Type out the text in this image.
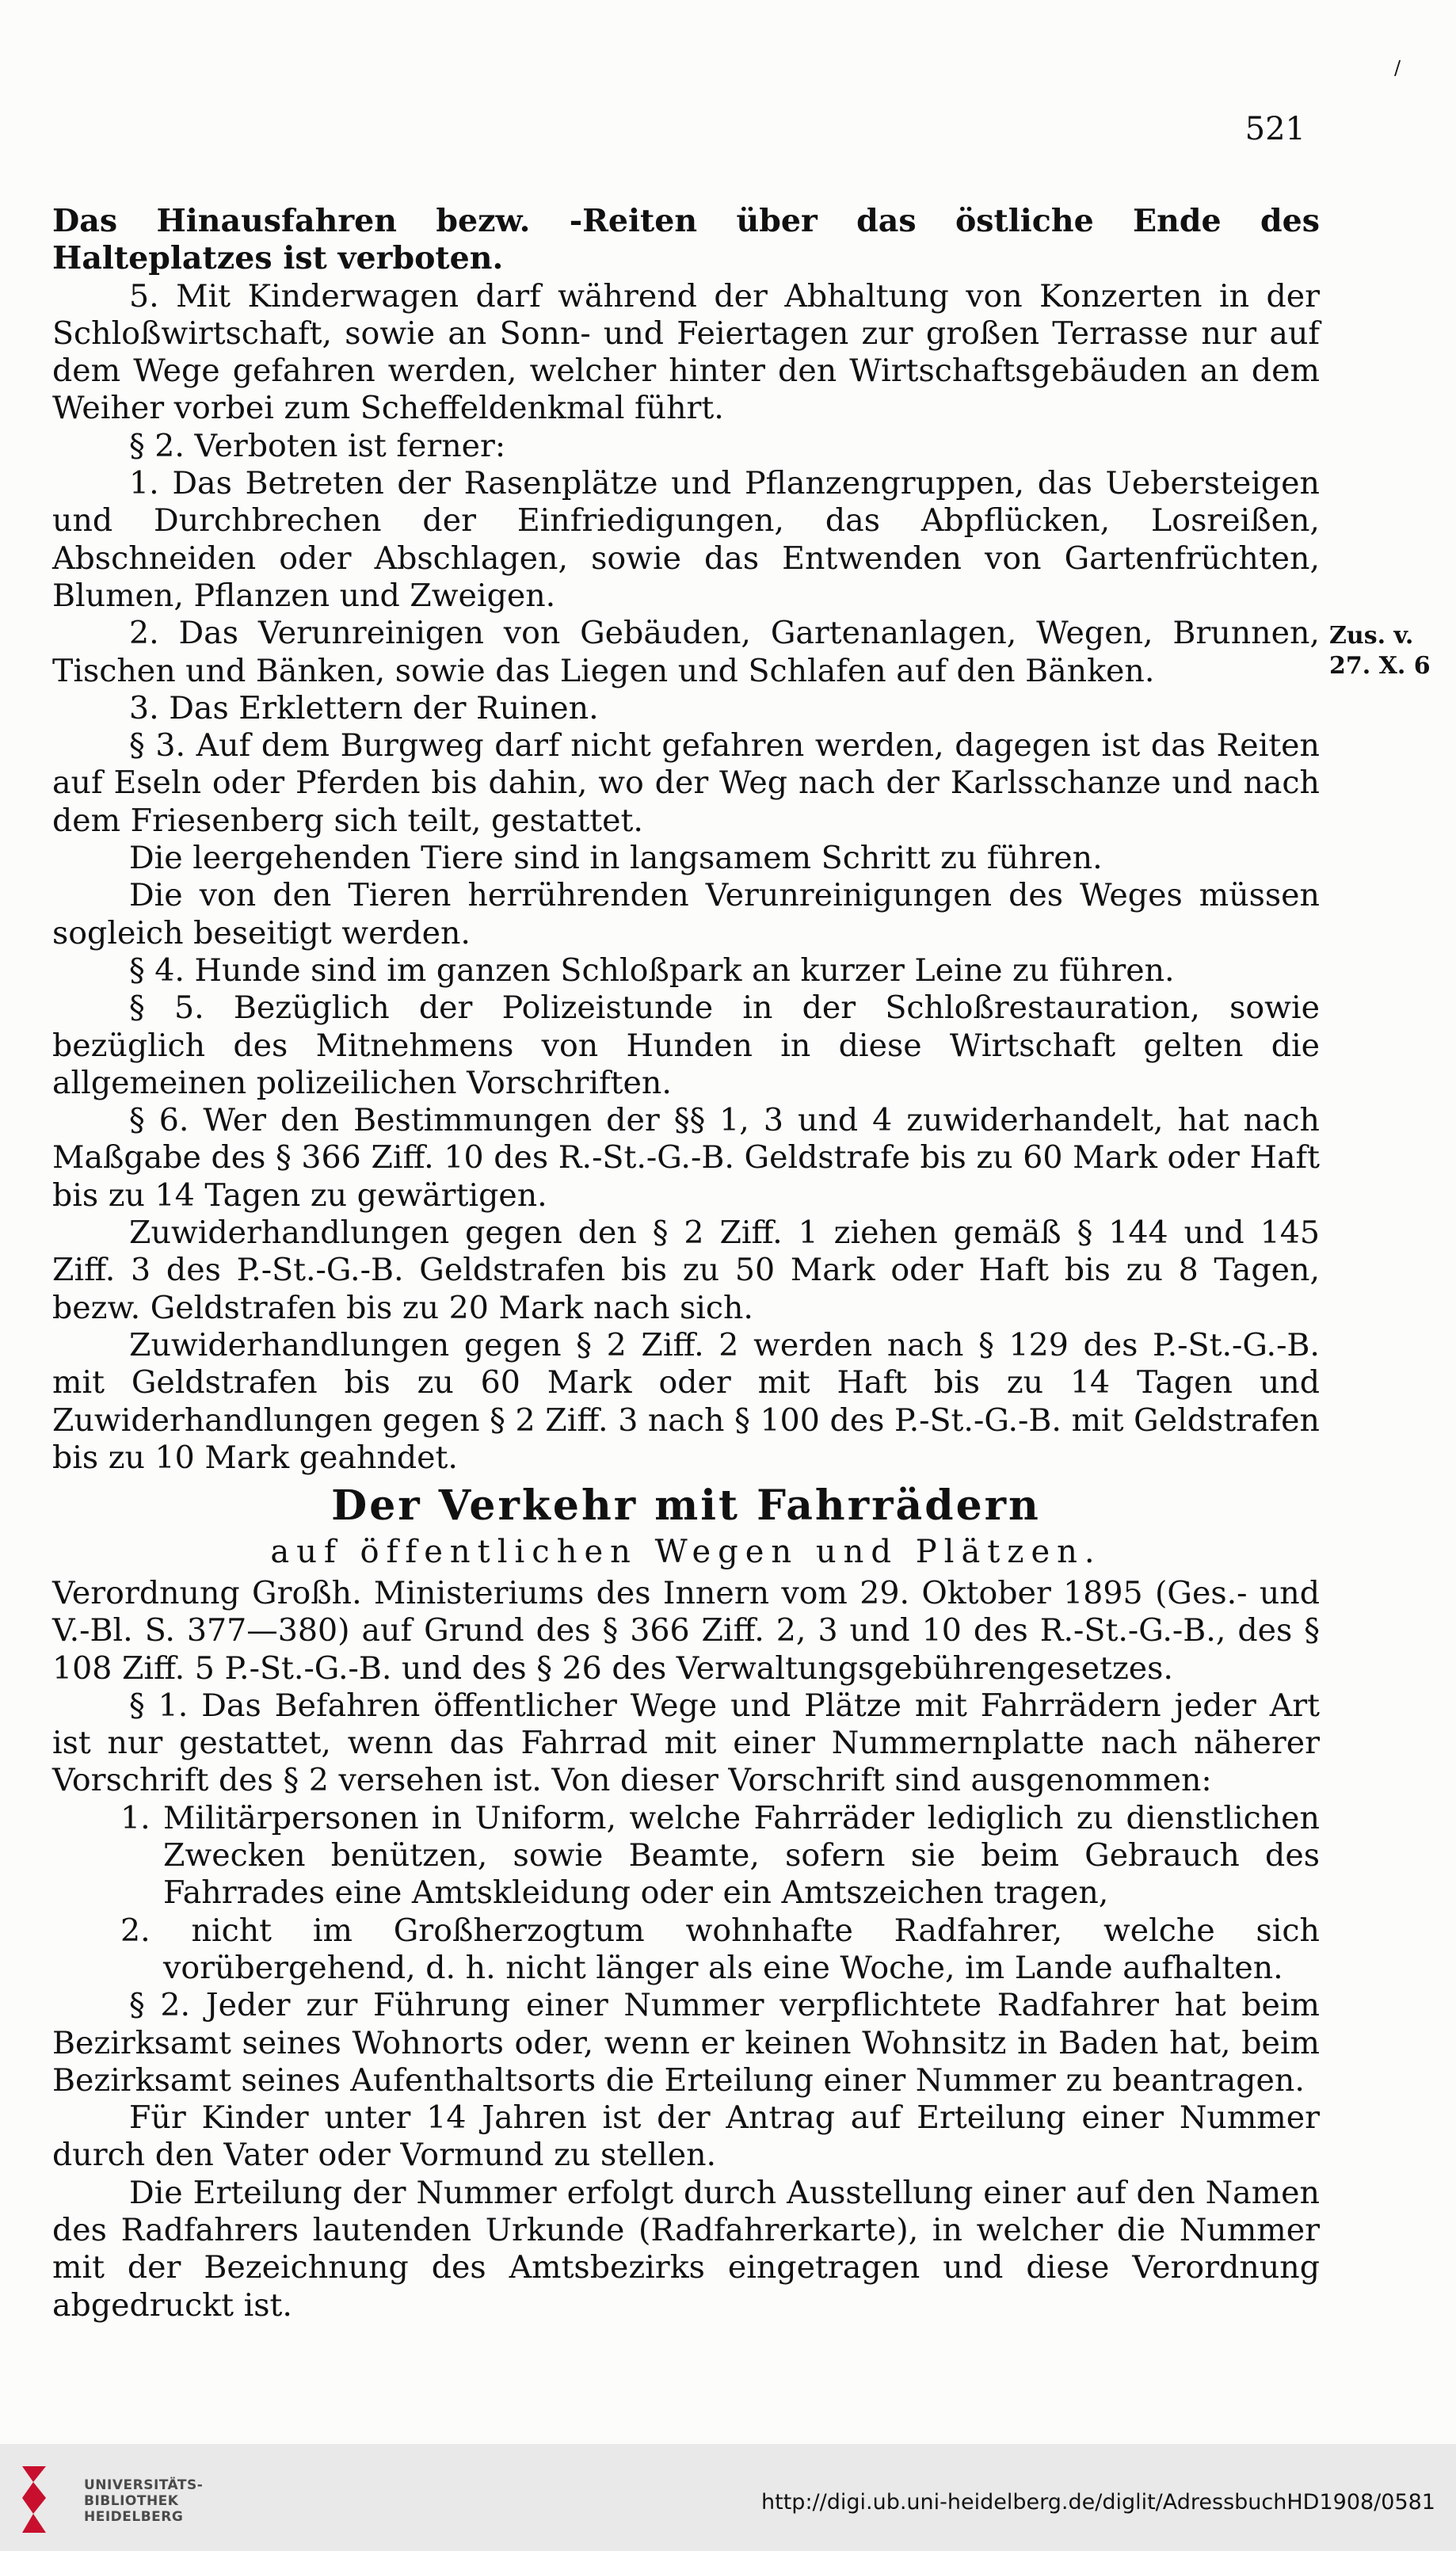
/
521
Zus. v.
27. X. 6

Das Hinausfahren bezw. -Reiten über das östliche Ende des Halteplatzes ist verboten.

5. Mit Kinderwagen darf während der Abhaltung von Konzerten in der Schloßwirtschaft, sowie an Sonn- und Feiertagen zur großen Terrasse nur auf dem Wege gefahren werden, welcher hinter den Wirtschaftsgebäuden an dem Weiher vorbei zum Scheffeldenkmal führt.

§ 2. Verboten ist ferner:

1. Das Betreten der Rasenplätze und Pflanzengruppen, das Uebersteigen und Durchbrechen der Einfriedigungen, das Abpflücken, Losreißen, Abschneiden oder Abschlagen, sowie das Entwenden von Gartenfrüchten, Blumen, Pflanzen und Zweigen.

2. Das Verunreinigen von Gebäuden, Gartenanlagen, Wegen, Brunnen, Tischen und Bänken, sowie das Liegen und Schlafen auf den Bänken.

3. Das Erklettern der Ruinen.

§ 3. Auf dem Burgweg darf nicht gefahren werden, dagegen ist das Reiten auf Eseln oder Pferden bis dahin, wo der Weg nach der Karlsschanze und nach dem Friesenberg sich teilt, gestattet.

Die leergehenden Tiere sind in langsamem Schritt zu führen.

Die von den Tieren herrührenden Verunreinigungen des Weges müssen sogleich beseitigt werden.

§ 4. Hunde sind im ganzen Schloßpark an kurzer Leine zu führen.

§ 5. Bezüglich der Polizeistunde in der Schloßrestauration, sowie bezüglich des Mitnehmens von Hunden in diese Wirtschaft gelten die allgemeinen polizeilichen Vorschriften.

§ 6. Wer den Bestimmungen der §§ 1, 3 und 4 zuwiderhandelt, hat nach Maßgabe des § 366 Ziff. 10 des R.-St.-G.-B. Geldstrafe bis zu 60 Mark oder Haft bis zu 14 Tagen zu gewärtigen.

Zuwiderhandlungen gegen den § 2 Ziff. 1 ziehen gemäß § 144 und 145 Ziff. 3 des P.-St.-G.-B. Geldstrafen bis zu 50 Mark oder Haft bis zu 8 Tagen, bezw. Geldstrafen bis zu 20 Mark nach sich.

Zuwiderhandlungen gegen § 2 Ziff. 2 werden nach § 129 des P.-St.-G.-B. mit Geldstrafen bis zu 60 Mark oder mit Haft bis zu 14 Tagen und Zuwiderhandlungen gegen § 2 Ziff. 3 nach § 100 des P.-St.-G.-B. mit Geldstrafen bis zu 10 Mark geahndet.

Der Verkehr mit Fahrrädern
auf öffentlichen Wegen und Plätzen.

Verordnung Großh. Ministeriums des Innern vom 29. Oktober 1895 (Ges.- und V.-Bl. S. 377—380) auf Grund des § 366 Ziff. 2, 3 und 10 des R.-St.-G.-B., des § 108 Ziff. 5 P.-St.-G.-B. und des § 26 des Verwaltungsgebührengesetzes.

§ 1. Das Befahren öffentlicher Wege und Plätze mit Fahrrädern jeder Art ist nur gestattet, wenn das Fahrrad mit einer Nummernplatte nach näherer Vorschrift des § 2 versehen ist. Von dieser Vorschrift sind ausgenommen:

1. Militärpersonen in Uniform, welche Fahrräder lediglich zu dienstlichen Zwecken benützen, sowie Beamte, sofern sie beim Gebrauch des Fahrrades eine Amtskleidung oder ein Amtszeichen tragen,

2. nicht im Großherzogtum wohnhafte Radfahrer, welche sich vorübergehend, d. h. nicht länger als eine Woche, im Lande aufhalten.

§ 2. Jeder zur Führung einer Nummer verpflichtete Radfahrer hat beim Bezirksamt seines Wohnorts oder, wenn er keinen Wohnsitz in Baden hat, beim Bezirksamt seines Aufenthaltsorts die Erteilung einer Nummer zu beantragen.

Für Kinder unter 14 Jahren ist der Antrag auf Erteilung einer Nummer durch den Vater oder Vormund zu stellen.

Die Erteilung der Nummer erfolgt durch Ausstellung einer auf den Namen des Radfahrers lautenden Urkunde (Radfahrerkarte), in welcher die Nummer mit der Bezeichnung des Amtsbezirks eingetragen und diese Verordnung abgedruckt ist.

UNIVERSITÄTS-
BIBLIOTHEK
HEIDELBERG
http://digi.ub.uni-heidelberg.de/diglit/AdressbuchHD1908/0581
